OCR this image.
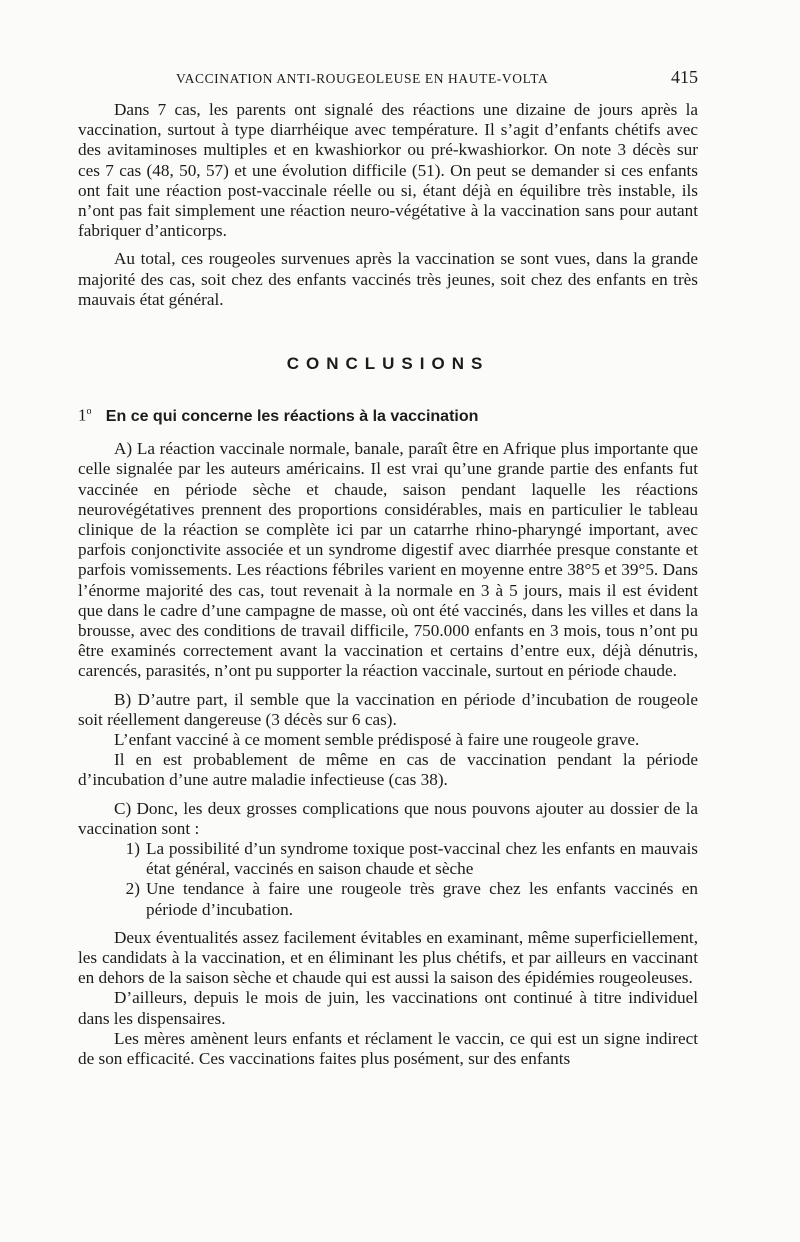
VACCINATION ANTI-ROUGEOLEUSE EN HAUTE-VOLTA	415

Dans 7 cas, les parents ont signalé des réactions une dizaine de jours après la vaccination, surtout à type diarrhéique avec température. Il s’agit d’enfants chétifs avec des avitaminoses multiples et en kwashiorkor ou pré-kwashiorkor. On note 3 décès sur ces 7 cas (48, 50, 57) et une évolution difficile (51). On peut se demander si ces enfants ont fait une réaction post-vaccinale réelle ou si, étant déjà en équilibre très instable, ils n’ont pas fait simplement une réaction neuro-végétative à la vaccination sans pour autant fabriquer d’anticorps.

Au total, ces rougeoles survenues après la vaccination se sont vues, dans la grande majorité des cas, soit chez des enfants vaccinés très jeunes, soit chez des enfants en très mauvais état général.

CONCLUSIONS
1$^o$ En ce qui concerne les réactions à la vaccination

A) La réaction vaccinale normale, banale, paraît être en Afrique plus importante que celle signalée par les auteurs américains. Il est vrai qu’une grande partie des enfants fut vaccinée en période sèche et chaude, saison pendant laquelle les réactions neurovégétatives prennent des proportions considérables, mais en particulier le tableau clinique de la réaction se complète ici par un catarrhe rhino-pharyngé important, avec parfois conjonctivite associée et un syndrome digestif avec diarrhée presque constante et parfois vomissements. Les réactions fébriles varient en moyenne entre 38°5 et 39°5. Dans l’énorme majorité des cas, tout revenait à la normale en 3 à 5 jours, mais il est évident que dans le cadre d’une campagne de masse, où ont été vaccinés, dans les villes et dans la brousse, avec des conditions de travail difficile, 750.000 enfants en 3 mois, tous n’ont pu être examinés correctement avant la vaccination et certains d’entre eux, déjà dénutris, carencés, parasités, n’ont pu supporter la réaction vaccinale, surtout en période chaude.

B) D’autre part, il semble que la vaccination en période d’incubation de rougeole soit réellement dangereuse (3 décès sur 6 cas).

L’enfant vacciné à ce moment semble prédisposé à faire une rougeole grave.

Il en est probablement de même en cas de vaccination pendant la période d’incubation d’une autre maladie infectieuse (cas 38).

C) Donc, les deux grosses complications que nous pouvons ajouter au dossier de la vaccination sont :

1) La possibilité d’un syndrome toxique post-vaccinal chez les enfants en mauvais état général, vaccinés en saison chaude et sèche
2) Une tendance à faire une rougeole très grave chez les enfants vaccinés en période d’incubation.

Deux éventualités assez facilement évitables en examinant, même superficiellement, les candidats à la vaccination, et en éliminant les plus chétifs, et par ailleurs en vaccinant en dehors de la saison sèche et chaude qui est aussi la saison des épidémies rougeoleuses.

D’ailleurs, depuis le mois de juin, les vaccinations ont continué à titre individuel dans les dispensaires.

Les mères amènent leurs enfants et réclament le vaccin, ce qui est un signe indirect de son efficacité. Ces vaccinations faites plus posément, sur des enfants
